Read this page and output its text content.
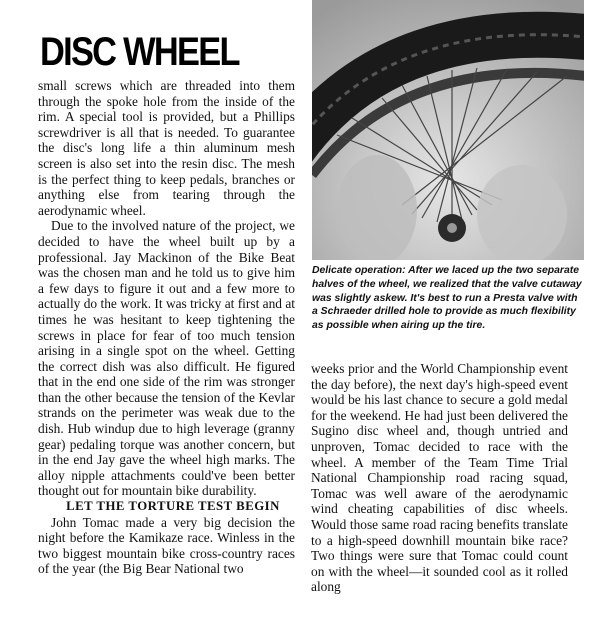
DISC WHEEL

small screws which are threaded into them through the spoke hole from the inside of the rim. A special tool is provided, but a Phillips screwdriver is all that is needed. To guarantee the disc's long life a thin aluminum mesh screen is also set into the resin disc. The mesh is the perfect thing to keep pedals, branches or anything else from tearing through the aerodynamic wheel.

Due to the involved nature of the project, we decided to have the wheel built up by a professional. Jay Mackinon of the Bike Beat was the chosen man and he told us to give him a few days to figure it out and a few more to actually do the work. It was tricky at first and at times he was hesitant to keep tightening the screws in place for fear of too much tension arising in a single spot on the wheel. Getting the correct dish was also difficult. He figured that in the end one side of the rim was stronger than the other because the tension of the Kevlar strands on the perimeter was weak due to the dish. Hub windup due to high leverage (granny gear) pedaling torque was another concern, but in the end Jay gave the wheel high marks. The alloy nipple attachments could've been better thought out for mountain bike durability.

LET THE TORTURE TEST BEGIN

John Tomac made a very big decision the night before the Kamikaze race. Winless in the two biggest mountain bike cross-country races of the year (the Big Bear National two

Delicate operation: After we laced up the two separate halves of the wheel, we realized that the valve cutaway was slightly askew. It's best to run a Presta valve with a Schraeder drilled hole to provide as much flexibility as possible when airing up the tire.

weeks prior and the World Championship event the day before), the next day's high-speed event would be his last chance to secure a gold medal for the weekend. He had just been delivered the Sugino disc wheel and, though untried and unproven, Tomac decided to race with the wheel. A member of the Team Time Trial National Championship road racing squad, Tomac was well aware of the aerodynamic wind cheating capabilities of disc wheels. Would those same road racing benefits translate to a high-speed downhill mountain bike race? Two things were sure that Tomac could count on with the wheel—it sounded cool as it rolled along
